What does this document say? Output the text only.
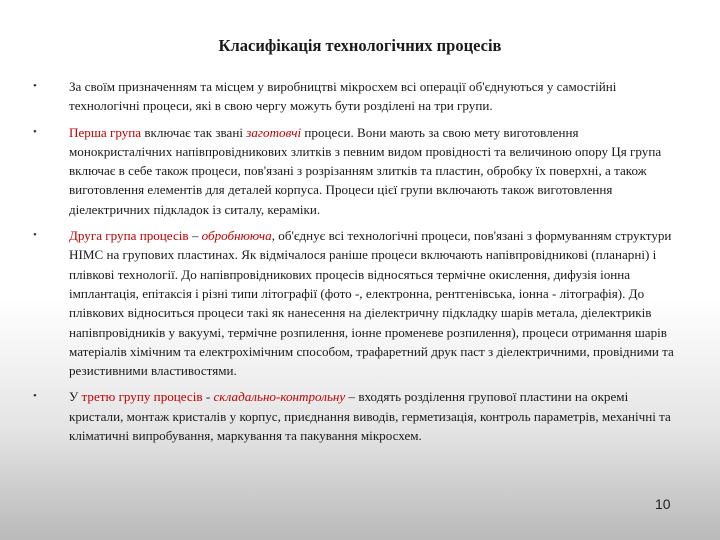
Класифікація технологічних процесів
•	За своїм призначенням та місцем у виробництві мікросхем всі операції об'єднуються у самостійні технологічні процеси, які в свою чергу можуть бути розділені на три групи.
•	Перша група включає так звані заготовчі процеси. Вони мають за свою мету виготовлення монокристалічних напівпровідникових злитків з певним видом провідності та величиною опору Ця група включає в себе також процеси, пов'язані з розрізанням злитків та пластин, обробку їх поверхні, а також виготовлення елементів для деталей корпуса. Процеси цієї групи включають також виготовлення діелектричних підкладок із ситалу, кераміки.
•	Друга група процесів – обробнююча, об'єднує всі технологічні процеси, пов'язані з формуванням структури НІМС на групових пластинах. Як відмічалося раніше процеси включають напівпровідникові (планарні) і плівкові технології. До напівпровідникових процесів відносяться термічне окислення, дифузія іонна імплантація, епітаксія і різні типи літографії (фото -, електронна, рентгенівська, іонна - літографія). До плівкових відноситься процеси такі як нанесення на діелектричну підкладку шарів метала, діелектриків напівпровідників у вакуумі, термічне розпилення, іонне променеве розпилення), процеси отримання шарів матеріалів хімічним та електрохімічним способом, трафаретний друк паст з діелектричними, провідними та резистивними властивостями.
•	У третю групу процесів - складально-контрольну – входять розділення групової пластини на окремі кристали, монтаж кристалів у корпус, приєднання виводів, герметизація, контроль параметрів, механічні та кліматичні випробування, маркування та пакування мікросхем.
10
